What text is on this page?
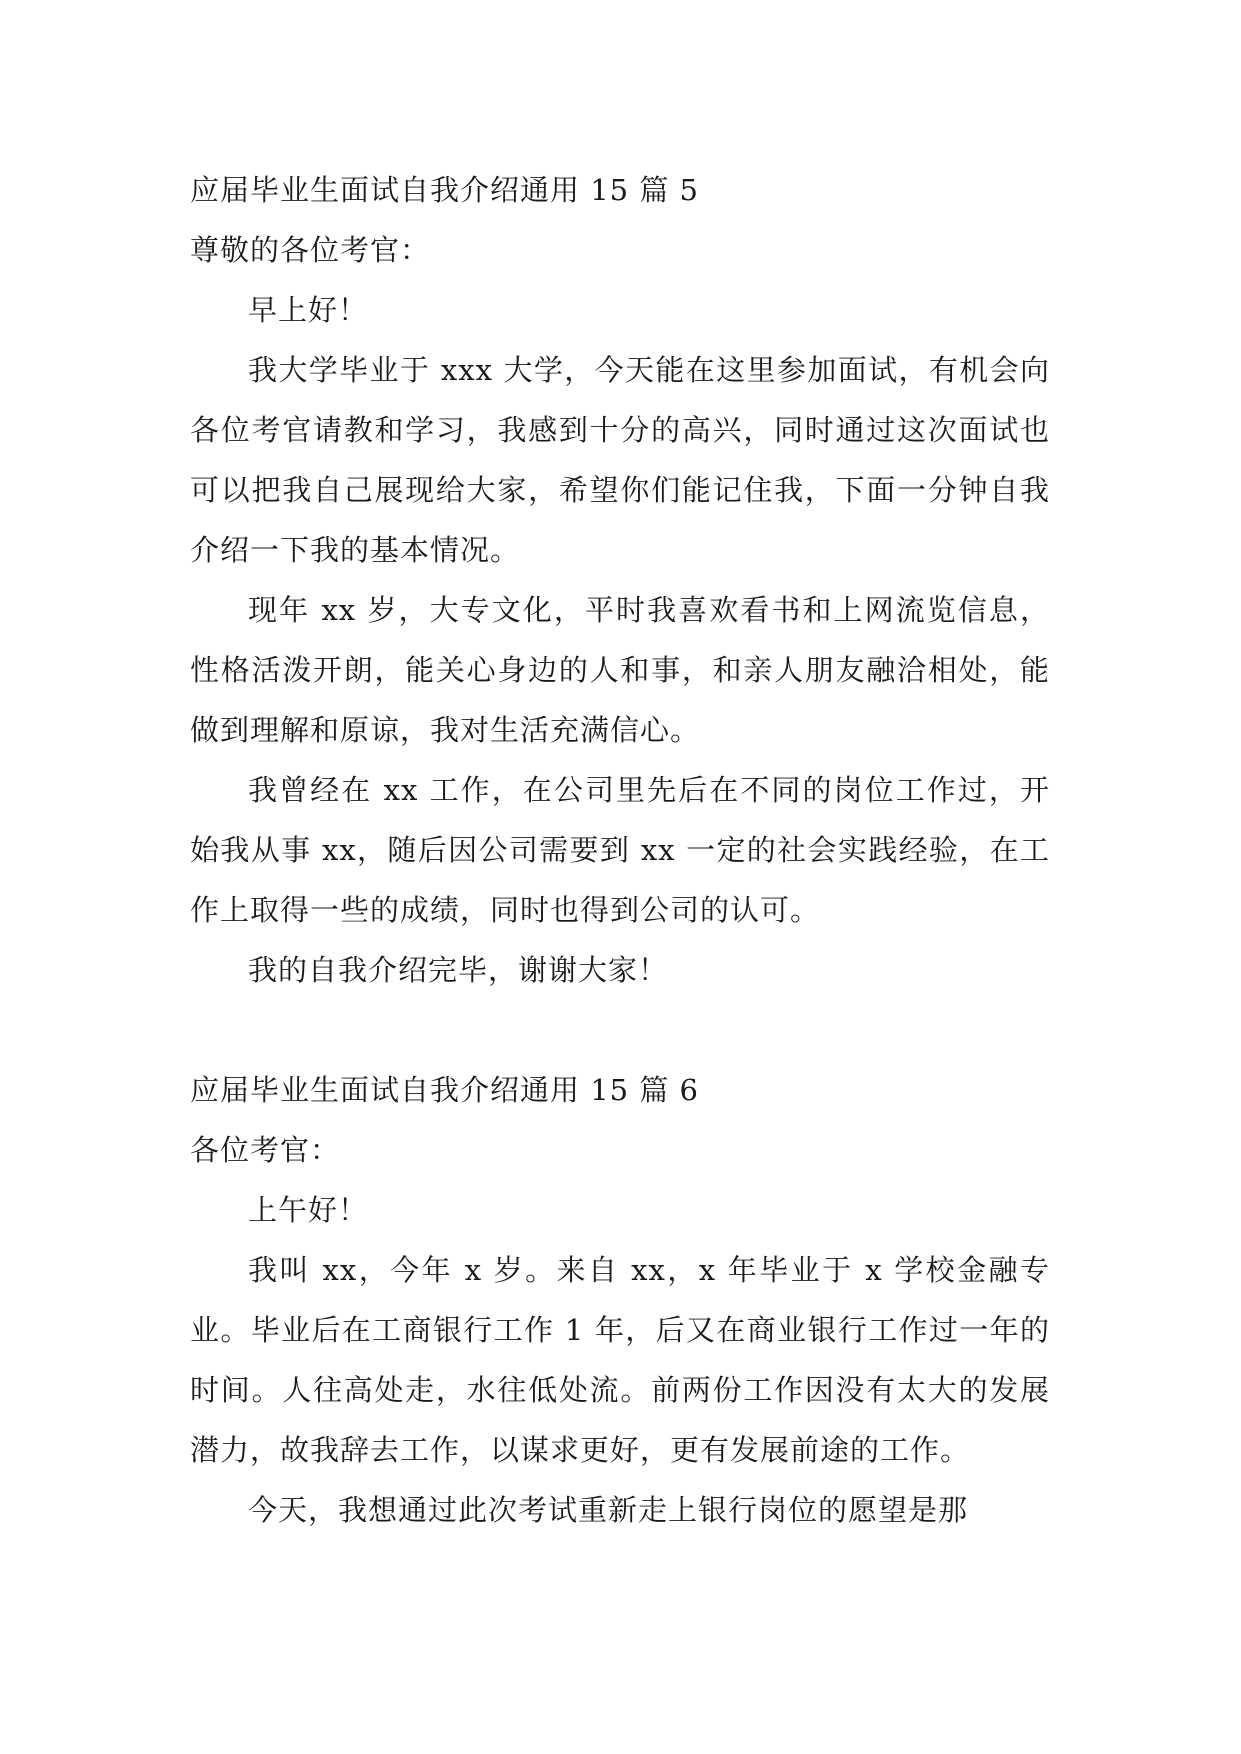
应届毕业生面试自我介绍通用 15 篇 5

尊敬的各位考官：

早上好！

我大学毕业于 xxx 大学，今天能在这里参加面试，有机会向各位考官请教和学习，我感到十分的高兴，同时通过这次面试也可以把我自己展现给大家，希望你们能记住我，下面一分钟自我介绍一下我的基本情况。

现年 xx 岁，大专文化，平时我喜欢看书和上网流览信息，性格活泼开朗，能关心身边的人和事，和亲人朋友融洽相处，能做到理解和原谅，我对生活充满信心。

我曾经在 xx 工作，在公司里先后在不同的岗位工作过，开始我从事 xx，随后因公司需要到 xx 一定的社会实践经验，在工作上取得一些的成绩，同时也得到公司的认可。

我的自我介绍完毕，谢谢大家！

应届毕业生面试自我介绍通用 15 篇 6

各位考官：

上午好！

我叫 xx，今年 x 岁。来自 xx，x 年毕业于 x 学校金融专业。毕业后在工商银行工作 1 年，后又在商业银行工作过一年的时间。人往高处走，水往低处流。前两份工作因没有太大的发展潜力，故我辞去工作，以谋求更好，更有发展前途的工作。

今天，我想通过此次考试重新走上银行岗位的愿望是那
